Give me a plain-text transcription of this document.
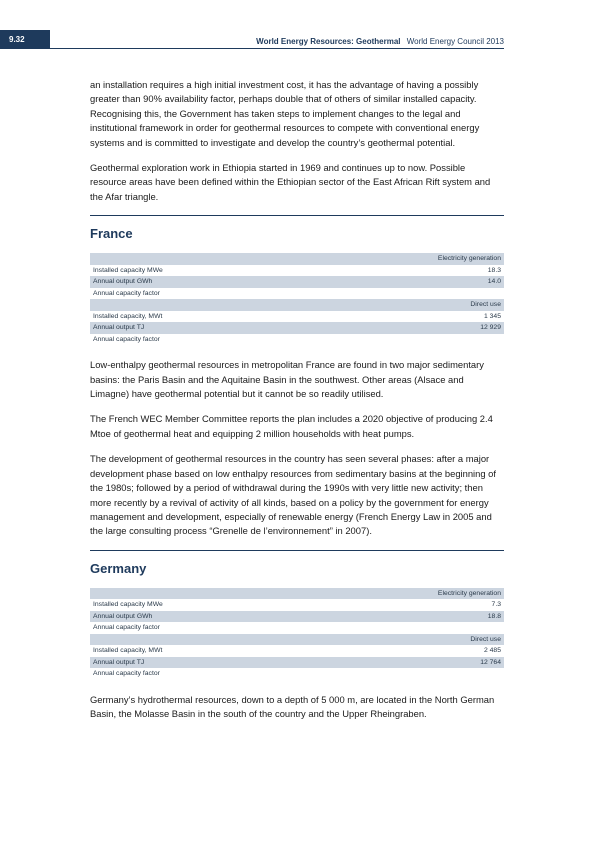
9.32	World Energy Resources: Geothermal World Energy Council 2013

an installation requires a high initial investment cost, it has the advantage of having a possibly greater than 90% availability factor, perhaps double that of others of similar installed capacity. Recognising this, the Government has taken steps to implement changes to the legal and institutional framework in order for geothermal resources to compete with conventional energy systems and is committed to investigate and develop the country’s geothermal potential.

Geothermal exploration work in Ethiopia started in 1969 and continues up to now. Possible resource areas have been defined within the Ethiopian sector of the East African Rift system and the Afar triangle.

France
	Electricity generation
Installed capacity MWe	18.3
Annual output GWh	14.0
Annual capacity factor	
	Direct use
Installed capacity, MWt	1 345
Annual output TJ	12 929
Annual capacity factor	

Low-enthalpy geothermal resources in metropolitan France are found in two major sedimentary basins: the Paris Basin and the Aquitaine Basin in the southwest. Other areas (Alsace and Limagne) have geothermal potential but it cannot be so readily utilised.

The French WEC Member Committee reports the plan includes a 2020 objective of producing 2.4 Mtoe of geothermal heat and equipping 2 million households with heat pumps.

The development of geothermal resources in the country has seen several phases: after a major development phase based on low enthalpy resources from sedimentary basins at the beginning of the 1980s; followed by a period of withdrawal during the 1990s with very little new activity; then more recently by a revival of activity of all kinds, based on a policy by the government for energy management and development, especially of renewable energy (French Energy Law in 2005 and the large consulting process “Grenelle de l’environnement” in 2007).

Germany
	Electricity generation
Installed capacity MWe	7.3
Annual output GWh	18.8
Annual capacity factor	
	Direct use
Installed capacity, MWt	2 485
Annual output TJ	12 764
Annual capacity factor	

Germany’s hydrothermal resources, down to a depth of 5 000 m, are located in the North German Basin, the Molasse Basin in the south of the country and the Upper Rheingraben.
